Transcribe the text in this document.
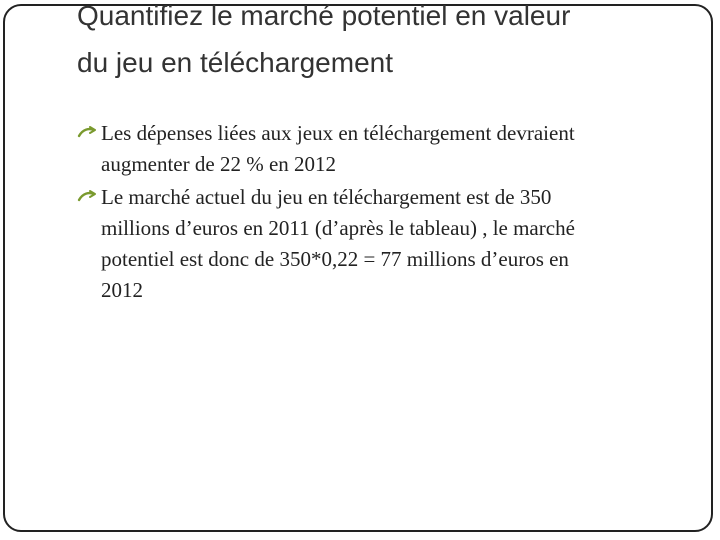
Quantifiez le marché potentiel en valeur
du jeu en téléchargement
Les dépenses liées aux jeux en téléchargement devraient
augmenter de 22 % en 2012
Le marché actuel du jeu en téléchargement est de 350
millions d’euros en 2011 (d’après le tableau) , le marché
potentiel est donc de 350*0,22 = 77 millions d’euros en
2012
